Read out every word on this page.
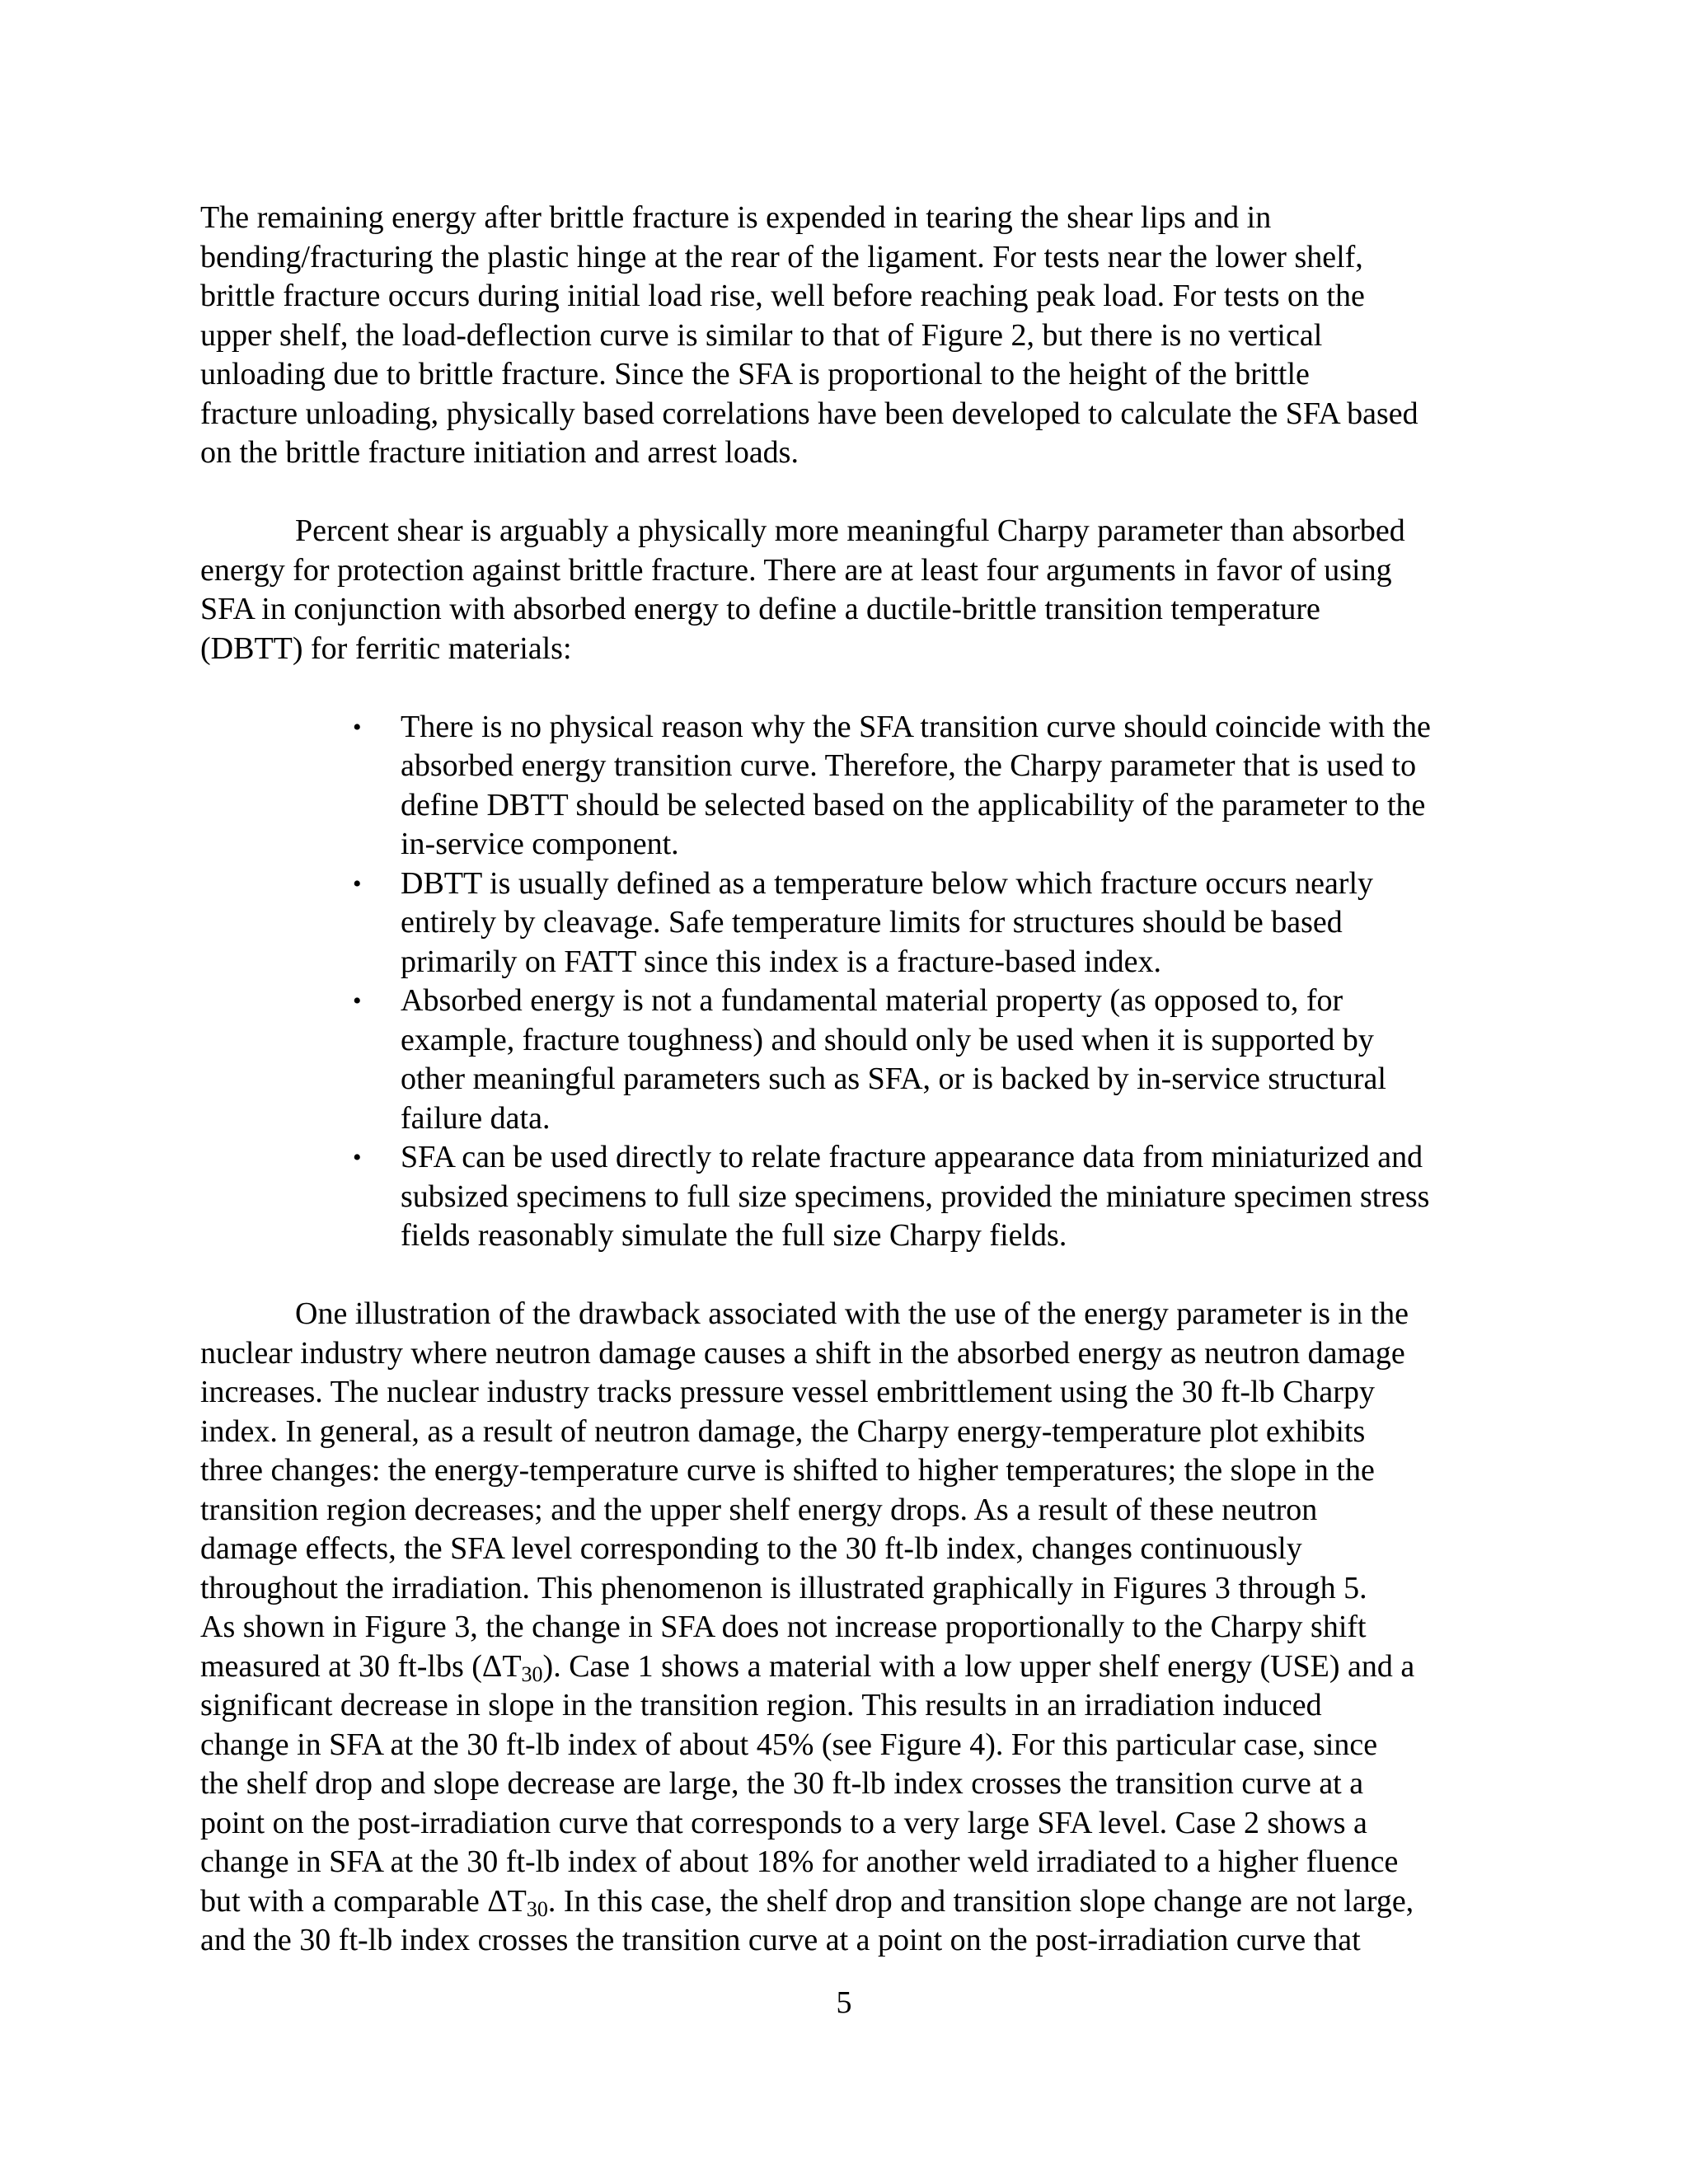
The remaining energy after brittle fracture is expended in tearing the shear lips and in
bending/fracturing the plastic hinge at the rear of the ligament. For tests near the lower shelf,
brittle fracture occurs during initial load rise, well before reaching peak load. For tests on the
upper shelf, the load-deflection curve is similar to that of Figure 2, but there is no vertical
unloading due to brittle fracture. Since the SFA is proportional to the height of the brittle
fracture unloading, physically based correlations have been developed to calculate the SFA based
on the brittle fracture initiation and arrest loads.

Percent shear is arguably a physically more meaningful Charpy parameter than absorbed
energy for protection against brittle fracture. There are at least four arguments in favor of using
SFA in conjunction with absorbed energy to define a ductile-brittle transition temperature
(DBTT) for ferritic materials:

• There is no physical reason why the SFA transition curve should coincide with the
absorbed energy transition curve. Therefore, the Charpy parameter that is used to
define DBTT should be selected based on the applicability of the parameter to the
in-service component.
• DBTT is usually defined as a temperature below which fracture occurs nearly
entirely by cleavage. Safe temperature limits for structures should be based
primarily on FATT since this index is a fracture-based index.
• Absorbed energy is not a fundamental material property (as opposed to, for
example, fracture toughness) and should only be used when it is supported by
other meaningful parameters such as SFA, or is backed by in-service structural
failure data.
• SFA can be used directly to relate fracture appearance data from miniaturized and
subsized specimens to full size specimens, provided the miniature specimen stress
fields reasonably simulate the full size Charpy fields.

One illustration of the drawback associated with the use of the energy parameter is in the
nuclear industry where neutron damage causes a shift in the absorbed energy as neutron damage
increases. The nuclear industry tracks pressure vessel embrittlement using the 30 ft-lb Charpy
index. In general, as a result of neutron damage, the Charpy energy-temperature plot exhibits
three changes: the energy-temperature curve is shifted to higher temperatures; the slope in the
transition region decreases; and the upper shelf energy drops. As a result of these neutron
damage effects, the SFA level corresponding to the 30 ft-lb index, changes continuously
throughout the irradiation. This phenomenon is illustrated graphically in Figures 3 through 5.
As shown in Figure 3, the change in SFA does not increase proportionally to the Charpy shift
measured at 30 ft-lbs $(\Delta T_{30})$. Case 1 shows a material with a low upper shelf energy (USE) and a
significant decrease in slope in the transition region. This results in an irradiation induced
change in SFA at the 30 ft-lb index of about 45% (see Figure 4). For this particular case, since
the shelf drop and slope decrease are large, the 30 ft-lb index crosses the transition curve at a
point on the post-irradiation curve that corresponds to a very large SFA level. Case 2 shows a
change in SFA at the 30 ft-lb index of about 18% for another weld irradiated to a higher fluence
but with a comparable $\Delta T_{30}$. In this case, the shelf drop and transition slope change are not large,
and the 30 ft-lb index crosses the transition curve at a point on the post-irradiation curve that

5
